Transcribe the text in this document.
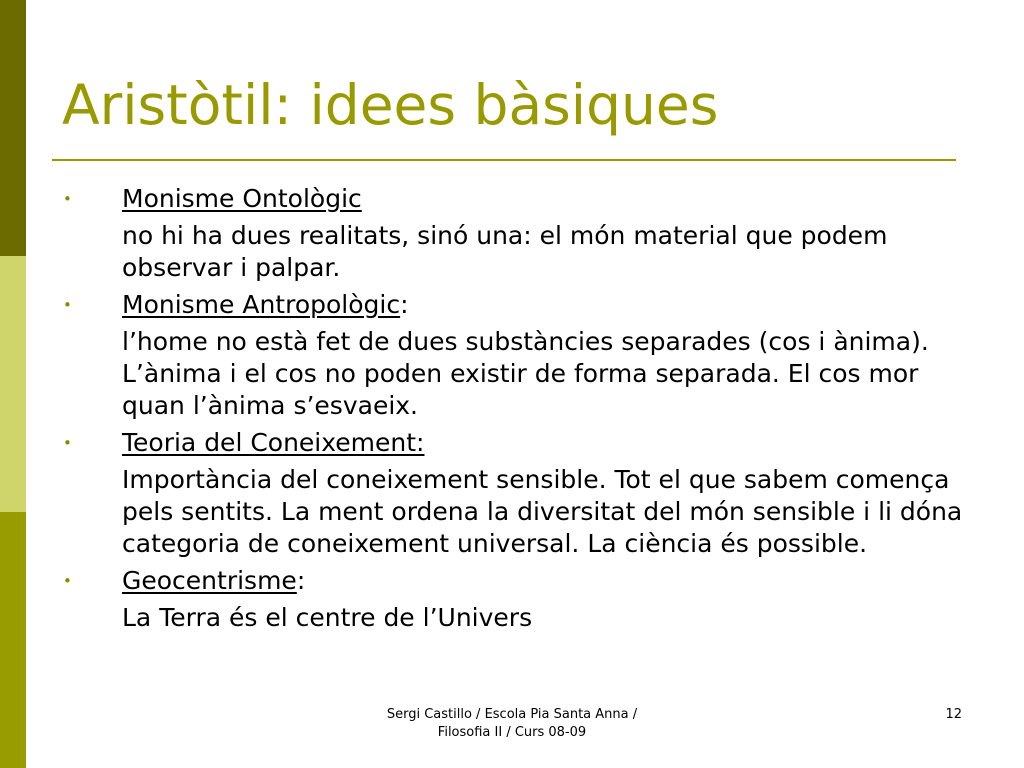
Aristòtil: idees bàsiques
• Monisme Ontològic
no hi ha dues realitats, sinó una: el món material que podem observar i palpar.
• Monisme Antropològic:
l’home no està fet de dues substàncies separades (cos i ànima). L’ànima i el cos no poden existir de forma separada. El cos mor quan l’ànima s’esvaeix.
• Teoria del Coneixement:
Importància del coneixement sensible. Tot el que sabem comença pels sentits. La ment ordena la diversitat del món sensible i li dóna categoria de coneixement universal. La ciència és possible.
• Geocentrisme:
La Terra és el centre de l’Univers
Sergi Castillo / Escola Pia Santa Anna /
Filosofia II / Curs 08-09
12
